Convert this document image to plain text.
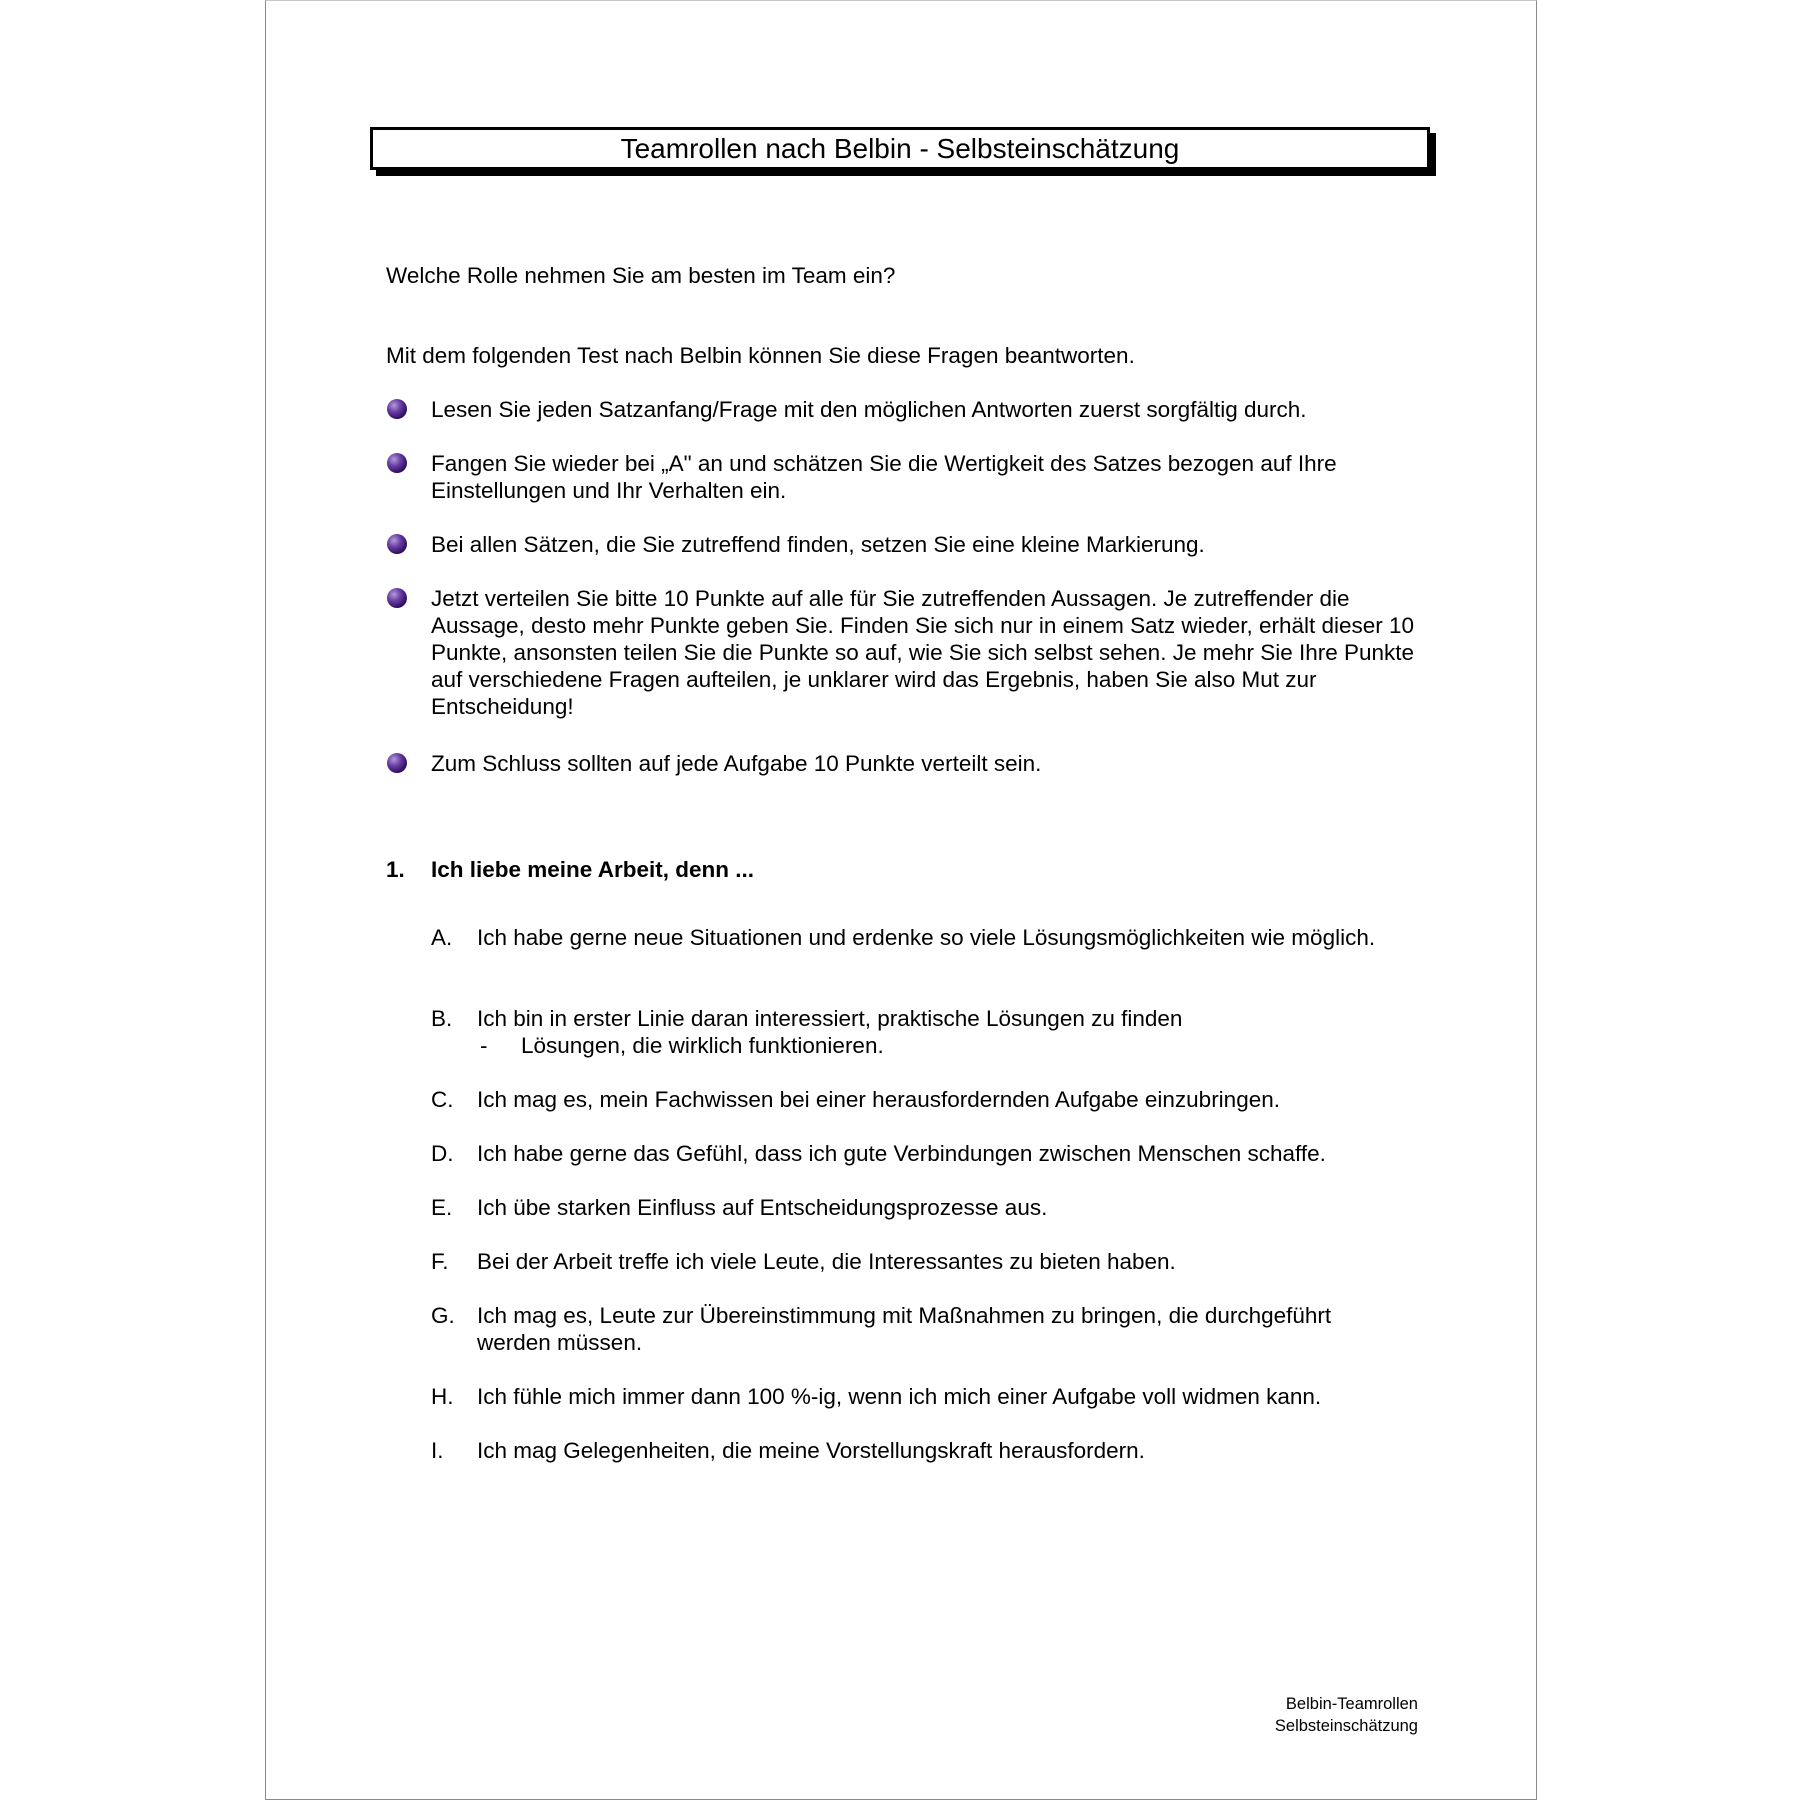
Teamrollen nach Belbin - Selbsteinschätzung
Welche Rolle nehmen Sie am besten im Team ein?
Mit dem folgenden Test nach Belbin können Sie diese Fragen beantworten.
Lesen Sie jeden Satzanfang/Frage mit den möglichen Antworten zuerst sorgfältig durch.
Fangen Sie wieder bei „A" an und schätzen Sie die Wertigkeit des Satzes bezogen auf Ihre Einstellungen und Ihr Verhalten ein.
Bei allen Sätzen, die Sie zutreffend finden, setzen Sie eine kleine Markierung.
Jetzt verteilen Sie bitte 10 Punkte auf alle für Sie zutreffenden Aussagen. Je zutreffender die Aussage, desto mehr Punkte geben Sie. Finden Sie sich nur in einem Satz wieder, erhält dieser 10 Punkte, ansonsten teilen Sie die Punkte so auf, wie Sie sich selbst sehen. Je mehr Sie Ihre Punkte auf verschiedene Fragen aufteilen, je unklarer wird das Ergebnis, haben Sie also Mut zur Entscheidung!
Zum Schluss sollten auf jede Aufgabe 10 Punkte verteilt sein.
1. Ich liebe meine Arbeit, denn ...
A. Ich habe gerne neue Situationen und erdenke so viele Lösungsmöglichkeiten wie möglich.
B. Ich bin in erster Linie daran interessiert, praktische Lösungen zu finden
- Lösungen, die wirklich funktionieren.
C. Ich mag es, mein Fachwissen bei einer herausfordernden Aufgabe einzubringen.
D. Ich habe gerne das Gefühl, dass ich gute Verbindungen zwischen Menschen schaffe.
E. Ich übe starken Einfluss auf Entscheidungsprozesse aus.
F. Bei der Arbeit treffe ich viele Leute, die Interessantes zu bieten haben.
G. Ich mag es, Leute zur Übereinstimmung mit Maßnahmen zu bringen, die durchgeführt werden müssen.
H. Ich fühle mich immer dann 100 %-ig, wenn ich mich einer Aufgabe voll widmen kann.
I. Ich mag Gelegenheiten, die meine Vorstellungskraft herausfordern.
Belbin-Teamrollen
Selbsteinschätzung
